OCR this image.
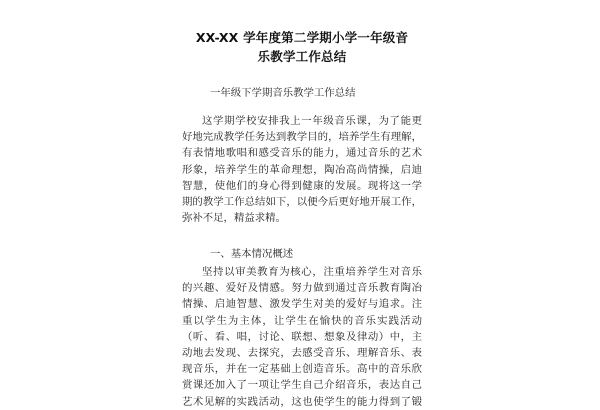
XX-XX 学年度第二学期小学一年级音
乐教学工作总结
一年级下学期音乐教学工作总结

这学期学校安排我上一年级音乐课，为了能更
好地完成教学任务达到教学目的，培养学生有理解，
有表情地歌唱和感受音乐的能力，通过音乐的艺术
形象，培养学生的革命理想，陶冶高尚情操，启迪
智慧，使他们的身心得到健康的发展。现将这一学
期的教学工作总结如下，以便今后更好地开展工作，
弥补不足，精益求精。

一、基本情况概述

坚持以审美教育为核心，注重培养学生对音乐
的兴趣、爱好及情感。努力做到通过音乐教育陶冶
情操、启迪智慧、激发学生对美的爱好与追求。注
重以学生为主体，让学生在愉快的音乐实践活动
（听、看、唱，讨论、联想、想象及律动）中，主
动地去发现、去探究，去感受音乐、理解音乐、表
现音乐，并在一定基础上创造音乐。高中的音乐欣
赏课还加入了一项让学生自己介绍音乐，表达自己
艺术见解的实践活动，这也使学生的能力得到了锻
